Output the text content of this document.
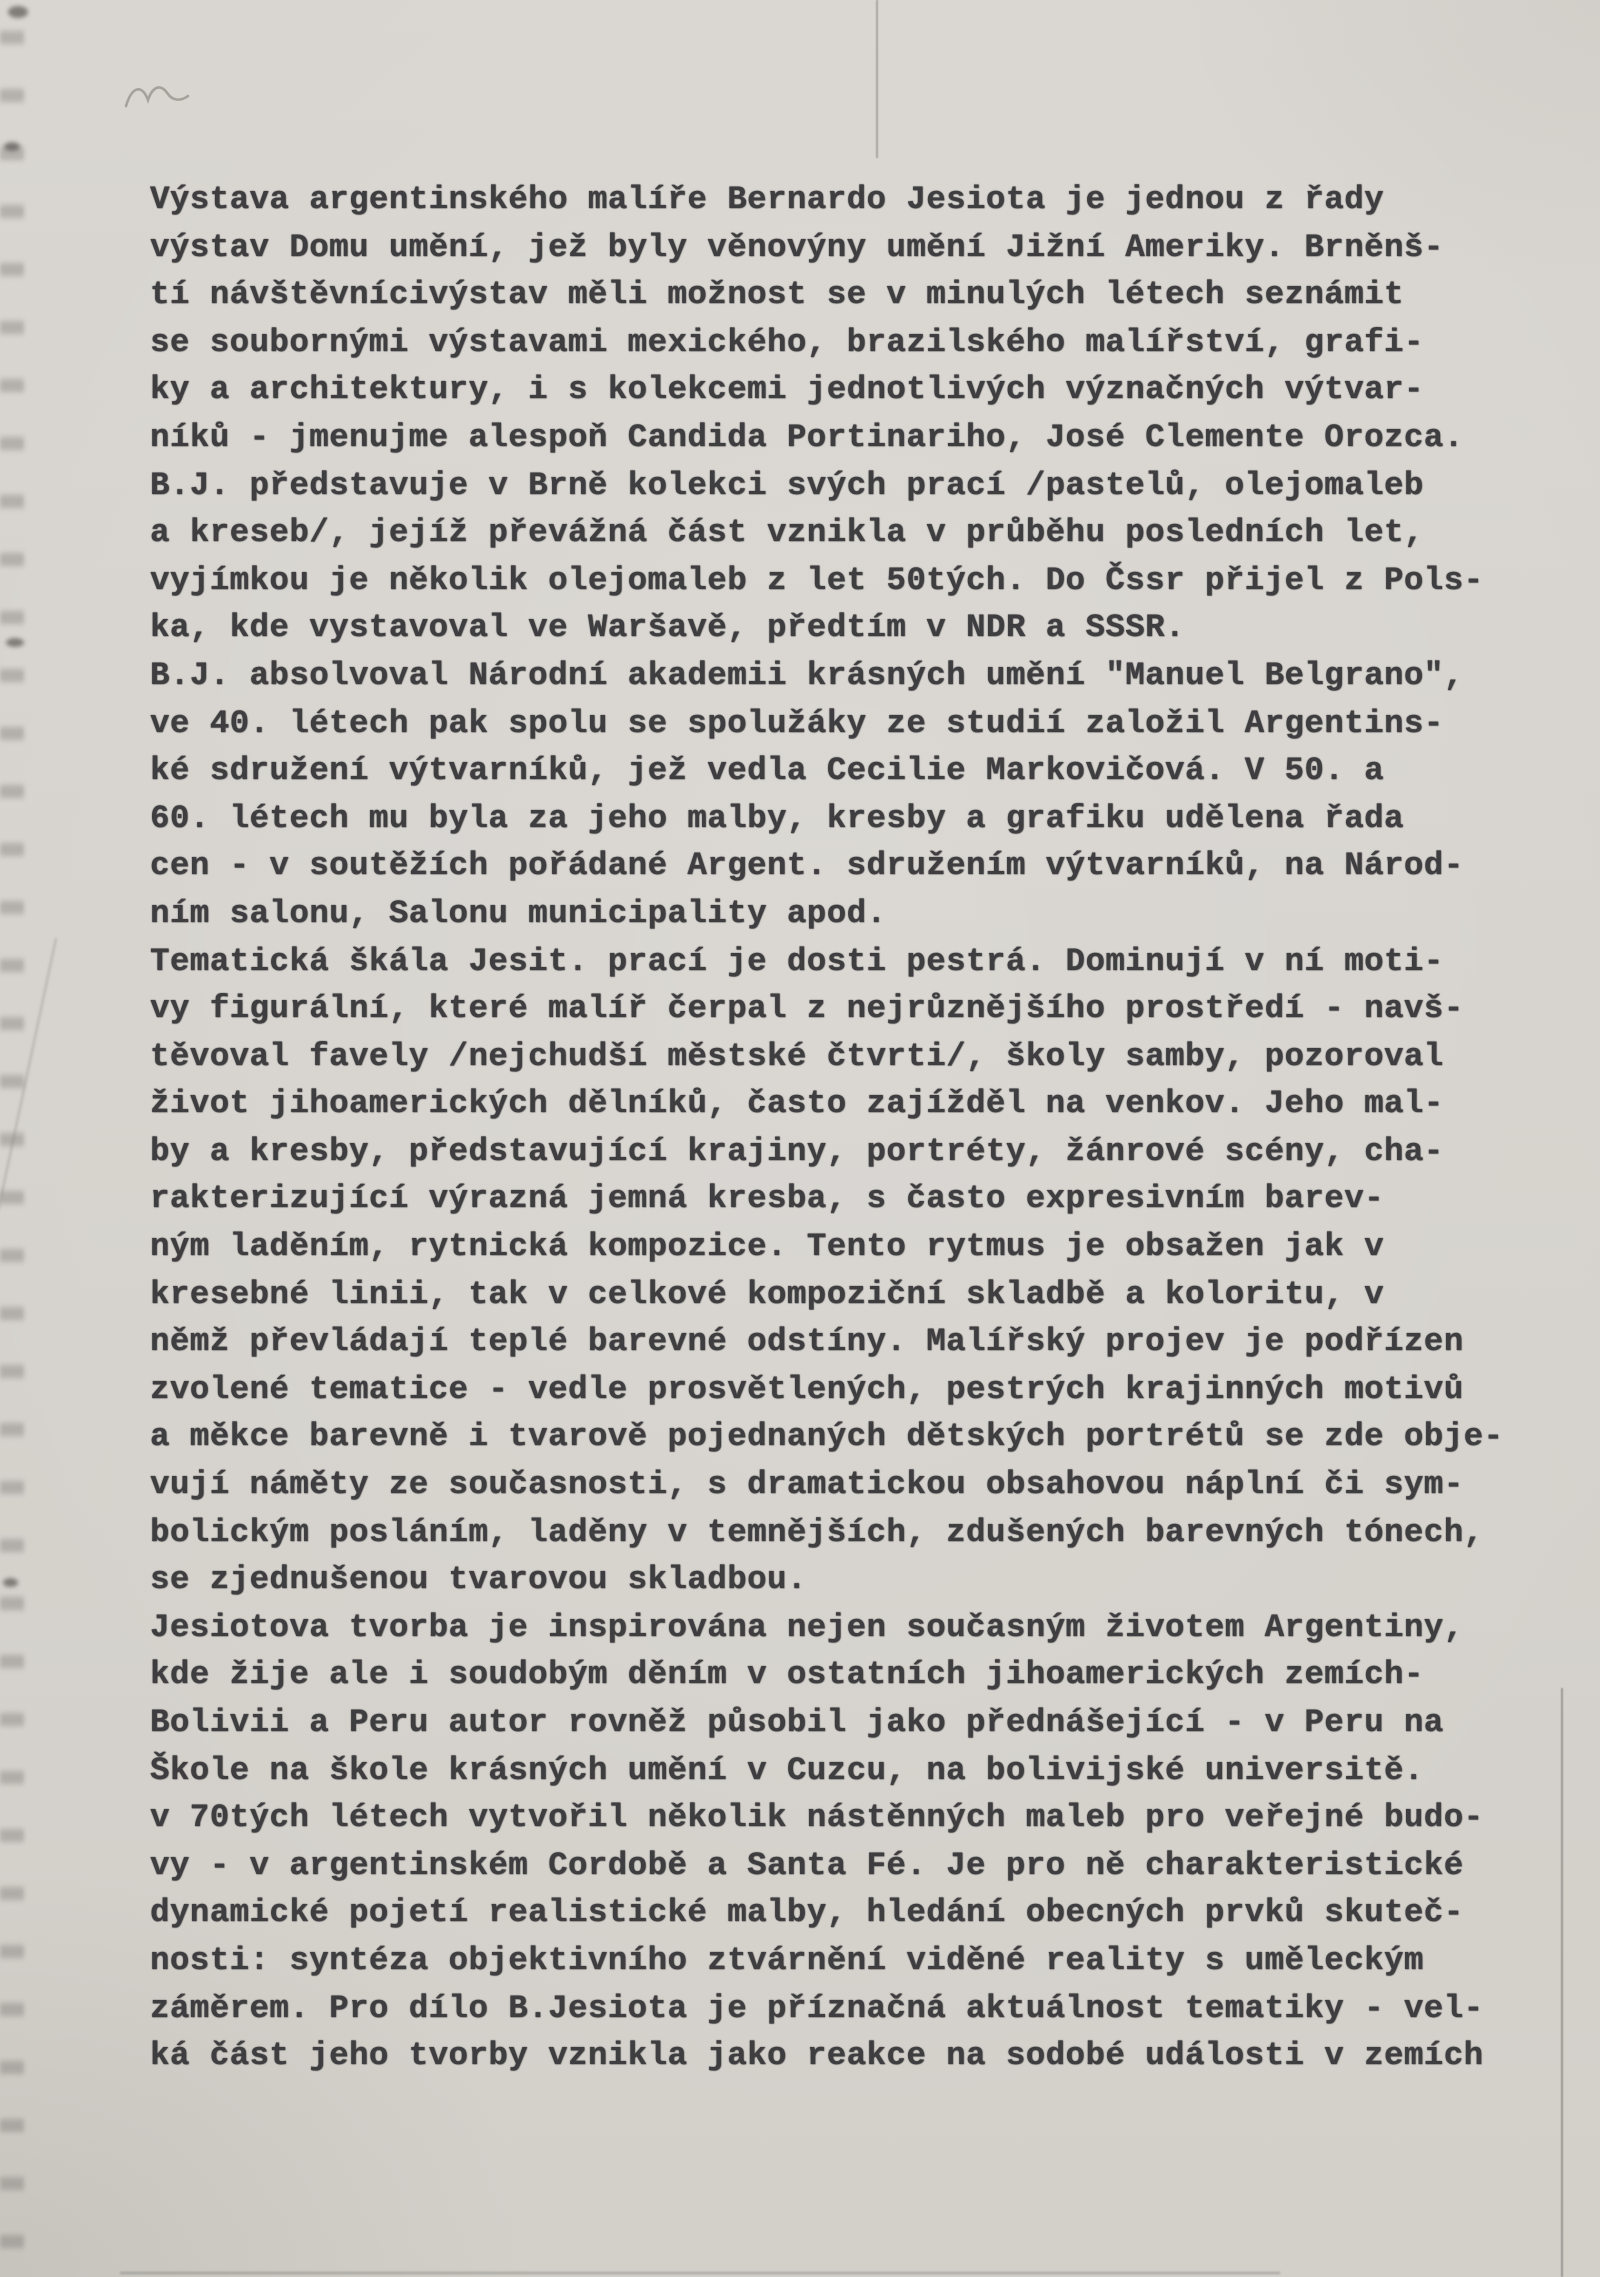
Výstava argentinského malíře Bernardo Jesiota je jednou z řady
výstav Domu umění, jež byly věnovýny umění Jižní Ameriky. Brněnš-
tí návštěvnícivýstav měli možnost se v minulých létech seznámit
se soubornými výstavami mexického, brazilského malířství, grafi-
ky a architektury, i s kolekcemi jednotlivých význačných výtvar-
níků - jmenujme alespoň Candida Portinariho, José Clemente Orozca.
B.J. představuje v Brně kolekci svých prací /pastelů, olejomaleb
a kreseb/, jejíž převážná část vznikla v průběhu posledních let,
vyjímkou je několik olejomaleb z let 50tých. Do Čssr přijel z Pols-
ka, kde vystavoval ve Waršavě, předtím v NDR a SSSR.
B.J. absolvoval Národní akademii krásných umění "Manuel Belgrano",
ve 40. létech pak spolu se spolužáky ze studií založil Argentins-
ké sdružení výtvarníků, jež vedla Cecilie Markovičová. V 50. a
60. létech mu byla za jeho malby, kresby a grafiku udělena řada
cen - v soutěžích pořádané Argent. sdružením výtvarníků, na Národ-
ním salonu, Salonu municipality apod.
Tematická škála Jesit. prací je dosti pestrá. Dominují v ní moti-
vy figurální, které malíř čerpal z nejrůznějšího prostředí - navš-
těvoval favely /nejchudší městské čtvrti/, školy samby, pozoroval
život jihoamerických dělníků, často zajížděl na venkov. Jeho mal-
by a kresby, představující krajiny, portréty, žánrové scény, cha-
rakterizující výrazná jemná kresba, s často expresivním barev-
ným laděním, rytnická kompozice. Tento rytmus je obsažen jak v
kresebné linii, tak v celkové kompoziční skladbě a koloritu, v
němž převládají teplé barevné odstíny. Malířský projev je podřízen
zvolené tematice - vedle prosvětlených, pestrých krajinných motivů
a měkce barevně i tvarově pojednaných dětských portrétů se zde obje-
vují náměty ze současnosti, s dramatickou obsahovou náplní či sym-
bolickým posláním, laděny v temnějších, zdušených barevných tónech,
se zjednušenou tvarovou skladbou.
Jesiotova tvorba je inspirována nejen současným životem Argentiny,
kde žije ale i soudobým děním v ostatních jihoamerických zemích-
Bolivii a Peru autor rovněž působil jako přednášející - v Peru na
Škole na škole krásných umění v Cuzcu, na bolivijské universitě.
v 70tých létech vytvořil několik nástěnných maleb pro veřejné budo-
vy - v argentinském Cordobě a Santa Fé. Je pro ně charakteristické
dynamické pojetí realistické malby, hledání obecných prvků skuteč-
nosti: syntéza objektivního ztvárnění viděné reality s uměleckým
záměrem. Pro dílo B.Jesiota je příznačná aktuálnost tematiky - vel-
ká část jeho tvorby vznikla jako reakce na sodobé události v zemích
